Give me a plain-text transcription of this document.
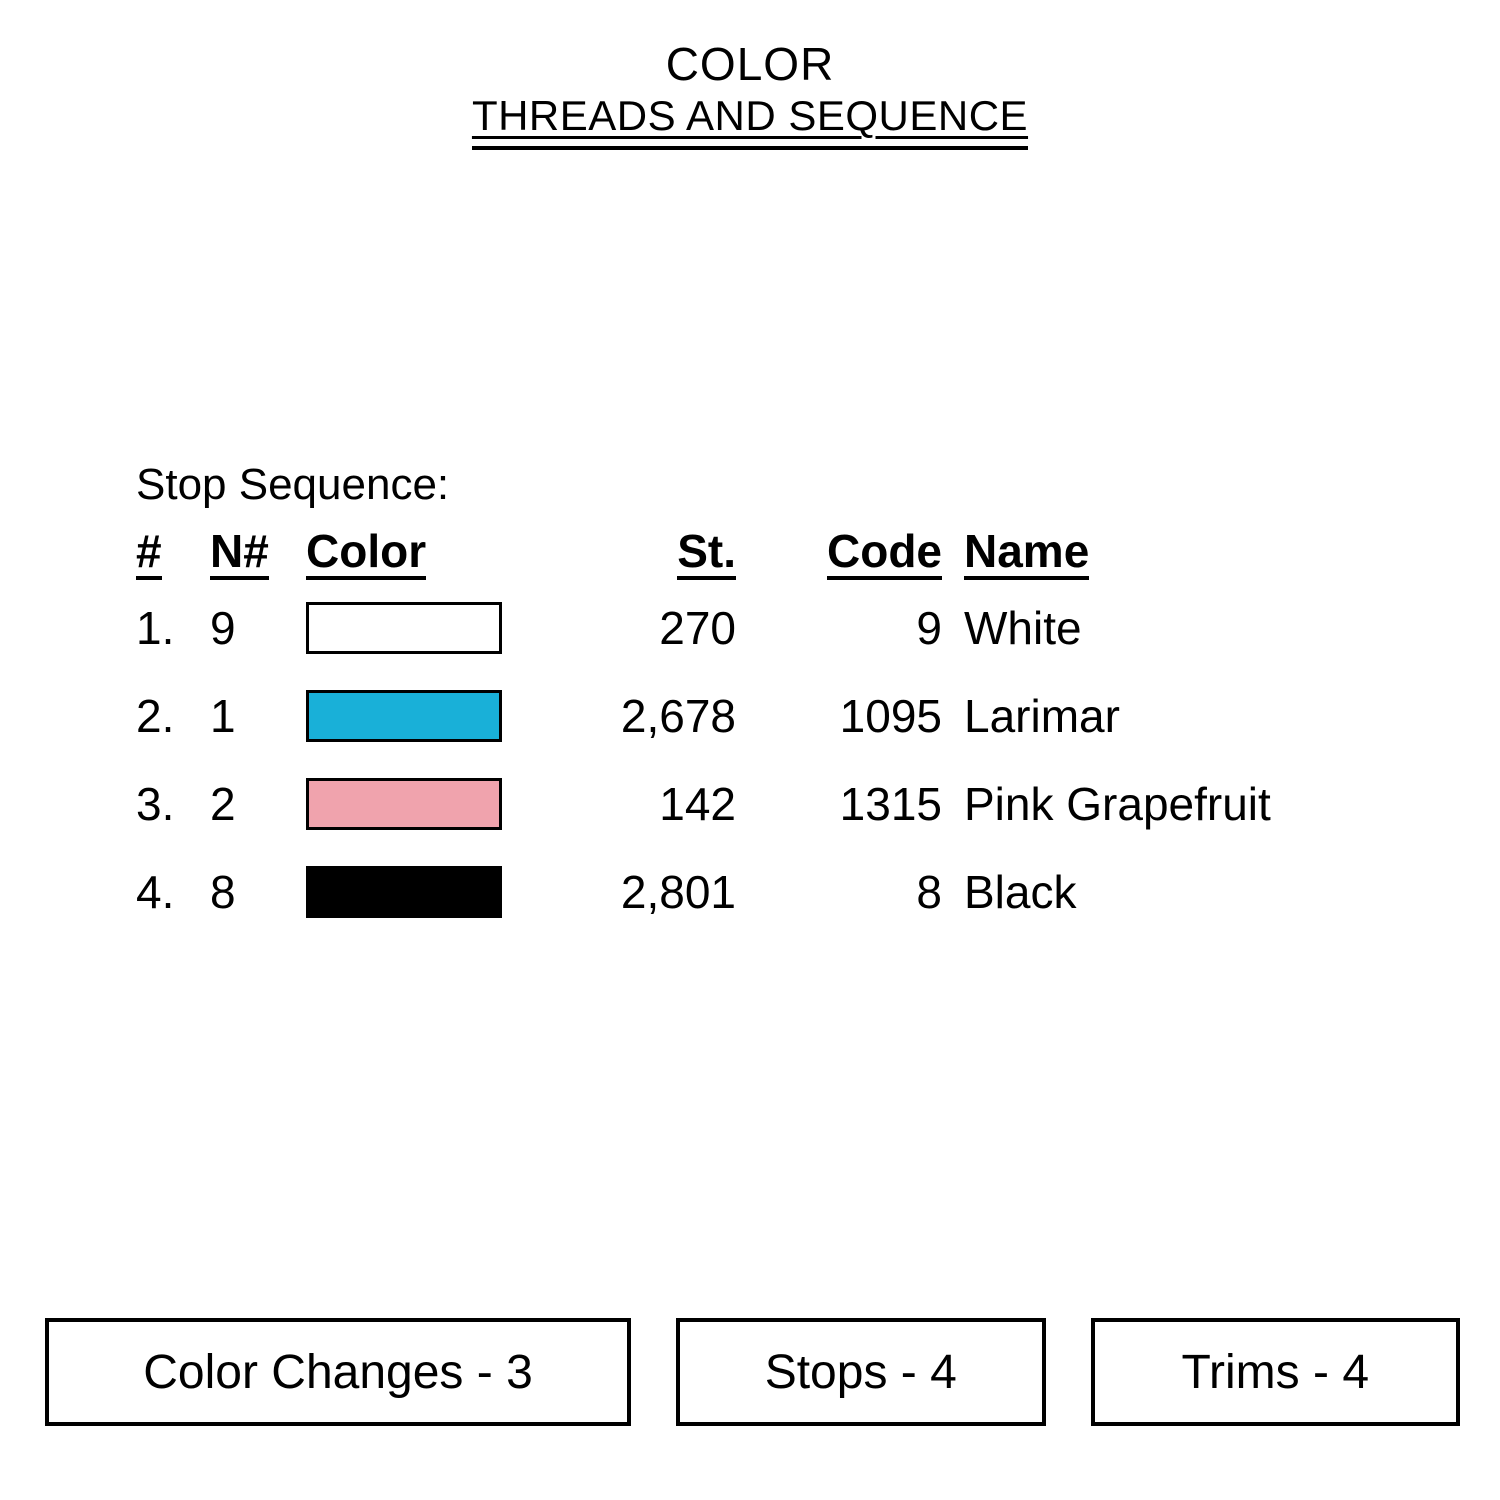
COLOR
THREADS AND SEQUENCE
Stop Sequence:
#	N#	Color	St.	Code	Name
1.	9		270	9	White
2.	1		2,678	1095	Larimar
3.	2		142	1315	Pink Grapefruit
4.	8		2,801	8	Black
Color Changes - 3	Stops - 4	Trims - 4
